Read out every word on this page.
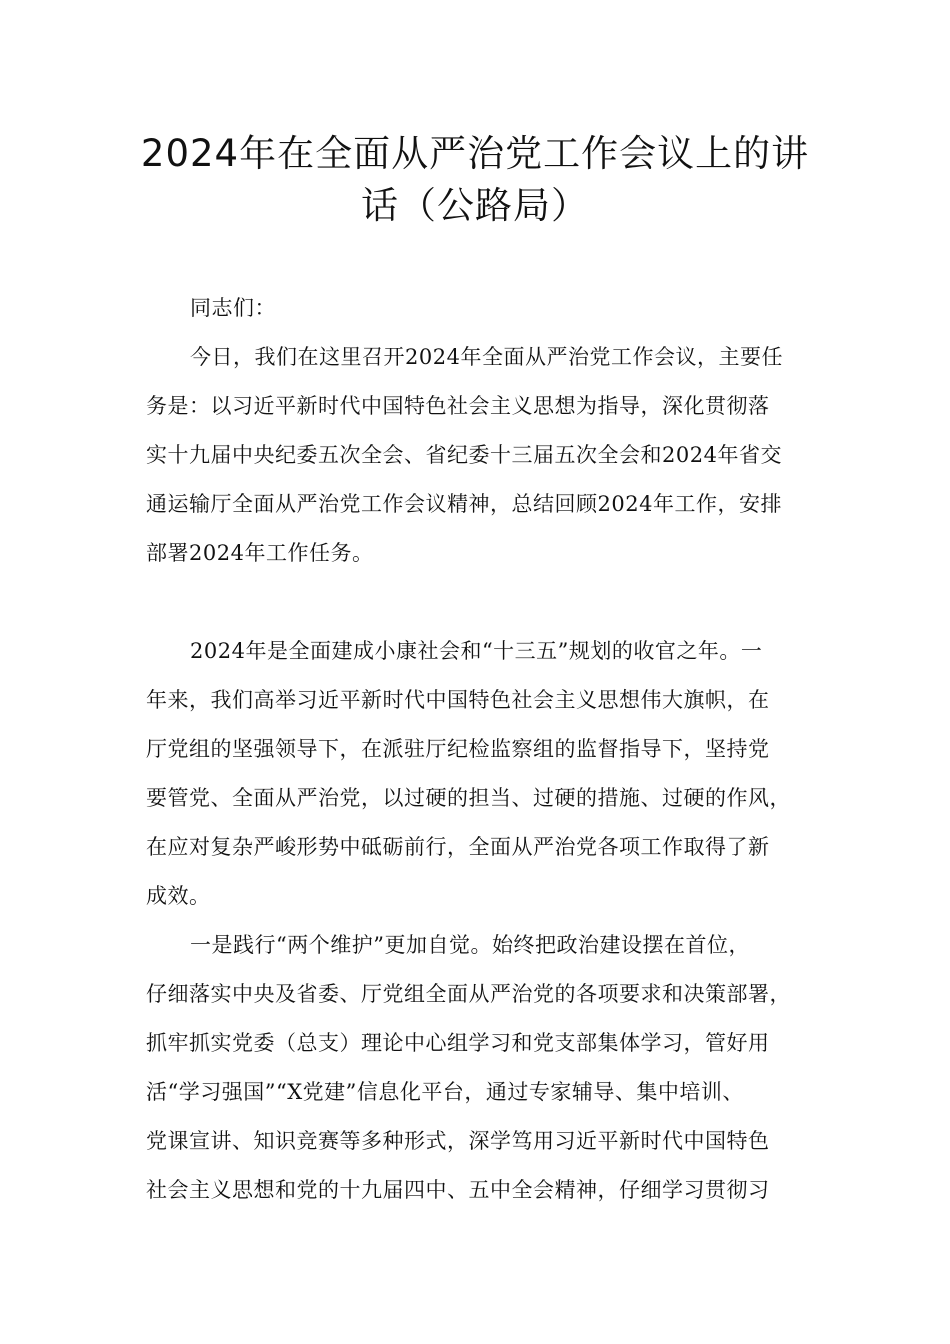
2024年在全面从严治党工作会议上的讲
话（公路局）
同志们：
今日，我们在这里召开2024年全面从严治党工作会议，主要任
务是：以习近平新时代中国特色社会主义思想为指导，深化贯彻落
实十九届中央纪委五次全会、省纪委十三届五次全会和2024年省交
通运输厅全面从严治党工作会议精神，总结回顾2024年工作，安排
部署2024年工作任务。
2024年是全面建成小康社会和“十三五”规划的收官之年。一
年来，我们高举习近平新时代中国特色社会主义思想伟大旗帜，在
厅党组的坚强领导下，在派驻厅纪检监察组的监督指导下，坚持党
要管党、全面从严治党，以过硬的担当、过硬的措施、过硬的作风，
在应对复杂严峻形势中砥砺前行，全面从严治党各项工作取得了新
成效。
一是践行“两个维护”更加自觉。始终把政治建设摆在首位，
仔细落实中央及省委、厅党组全面从严治党的各项要求和决策部署，
抓牢抓实党委（总支）理论中心组学习和党支部集体学习，管好用
活“学习强国”“X党建”信息化平台，通过专家辅导、集中培训、
党课宣讲、知识竞赛等多种形式，深学笃用习近平新时代中国特色
社会主义思想和党的十九届四中、五中全会精神，仔细学习贯彻习
